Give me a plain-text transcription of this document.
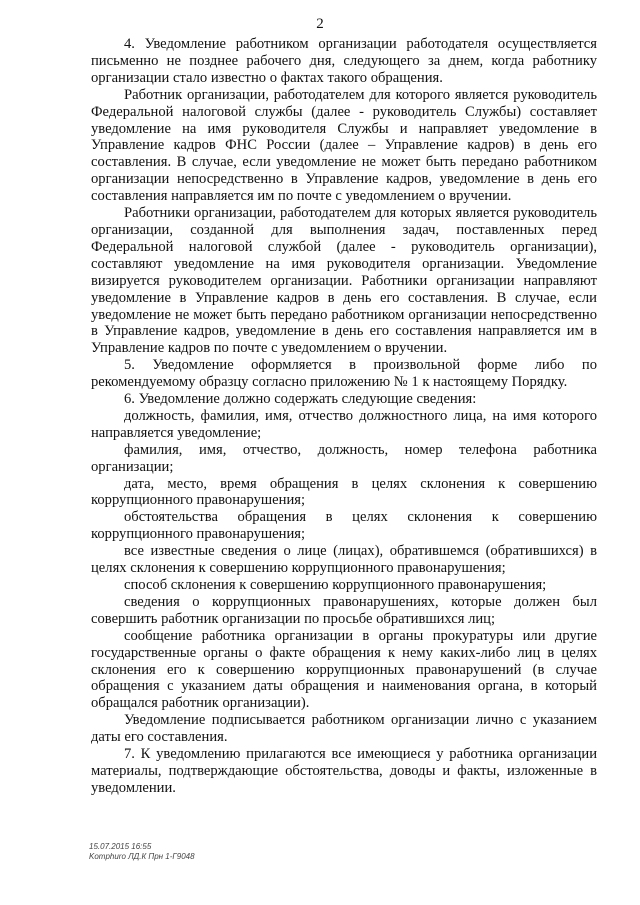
2

4. Уведомление работником организации работодателя осуществляется письменно не позднее рабочего дня, следующего за днем, когда работнику организации стало известно о фактах такого обращения.

Работник организации, работодателем для которого является руководитель Федеральной налоговой службы (далее - руководитель Службы) составляет уведомление на имя руководителя Службы и направляет уведомление в Управление кадров ФНС России (далее – Управление кадров) в день его составления. В случае, если уведомление не может быть передано работником организации непосредственно в Управление кадров, уведомление в день его составления направляется им по почте с уведомлением о вручении.

Работники организации, работодателем для которых является руководитель организации, созданной для выполнения задач, поставленных перед Федеральной налоговой службой (далее - руководитель организации), составляют уведомление на имя руководителя организации. Уведомление визируется руководителем организации. Работники организации направляют уведомление в Управление кадров в день его составления. В случае, если уведомление не может быть передано работником организации непосредственно в Управление кадров, уведомление в день его составления направляется им в Управление кадров по почте с уведомлением о вручении.

5. Уведомление оформляется в произвольной форме либо по рекомендуемому образцу согласно приложению № 1 к настоящему Порядку.

6. Уведомление должно содержать следующие сведения:

должность, фамилия, имя, отчество должностного лица, на имя которого направляется уведомление;

фамилия, имя, отчество, должность, номер телефона работника организации;

дата, место, время обращения в целях склонения к совершению коррупционного правонарушения;

обстоятельства обращения в целях склонения к совершению коррупционного правонарушения;

все известные сведения о лице (лицах), обратившемся (обратившихся) в целях склонения к совершению коррупционного правонарушения;

способ склонения к совершению коррупционного правонарушения;

сведения о коррупционных правонарушениях, которые должен был совершить работник организации по просьбе обратившихся лиц;

сообщение работника организации в органы прокуратуры или другие государственные органы о факте обращения к нему каких-либо лиц в целях склонения его к совершению коррупционных правонарушений (в случае обращения с указанием даты обращения и наименования органа, в который обращался работник организации).

Уведомление подписывается работником организации лично с указанием даты его составления.

7. К уведомлению прилагаются все имеющиеся у работника организации материалы, подтверждающие обстоятельства, доводы и факты, изложенные в уведомлении.

15.07.2015 16:55
Komphuro ЛД.К Прн 1-Г9048
